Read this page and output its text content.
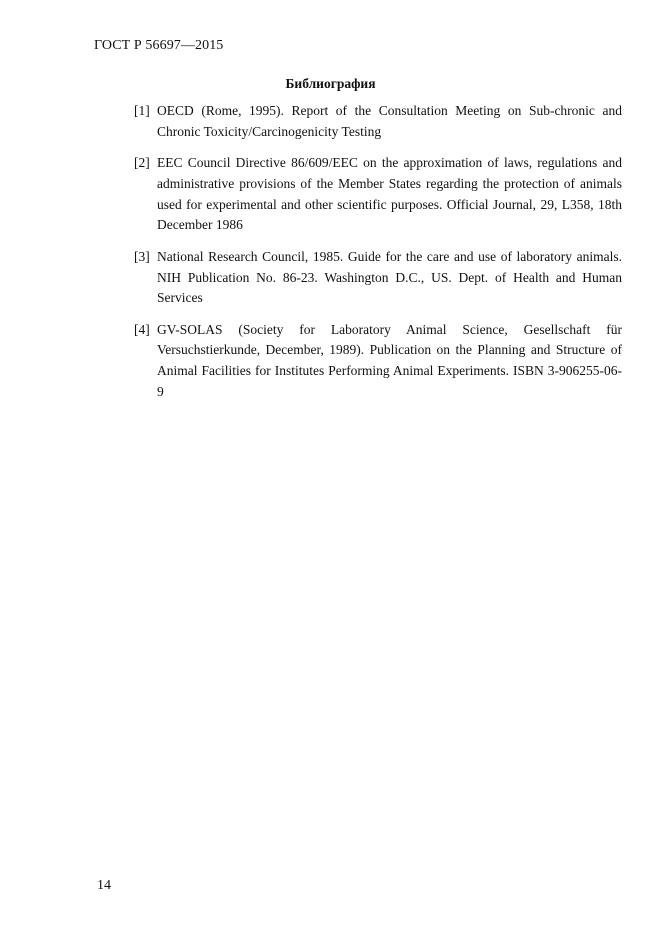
ГОСТ Р 56697—2015
Библиография
[1] OECD (Rome, 1995). Report of the Consultation Meeting on Sub-chronic and Chronic Toxicity/Carcinogenicity Testing
[2] EEC Council Directive 86/609/EEC on the approximation of laws, regulations and administrative provisions of the Member States regarding the protection of animals used for experimental and other scientific purposes. Official Journal, 29, L358, 18th December 1986
[3] National Research Council, 1985. Guide for the care and use of laboratory animals. NIH Publication No. 86-23. Washington D.C., US. Dept. of Health and Human Services
[4] GV-SOLAS (Society for Laboratory Animal Science, Gesellschaft für Versuchstierkunde, December, 1989). Publication on the Planning and Structure of Animal Facilities for Institutes Performing Animal Experiments. ISBN 3-906255-06-9
14
